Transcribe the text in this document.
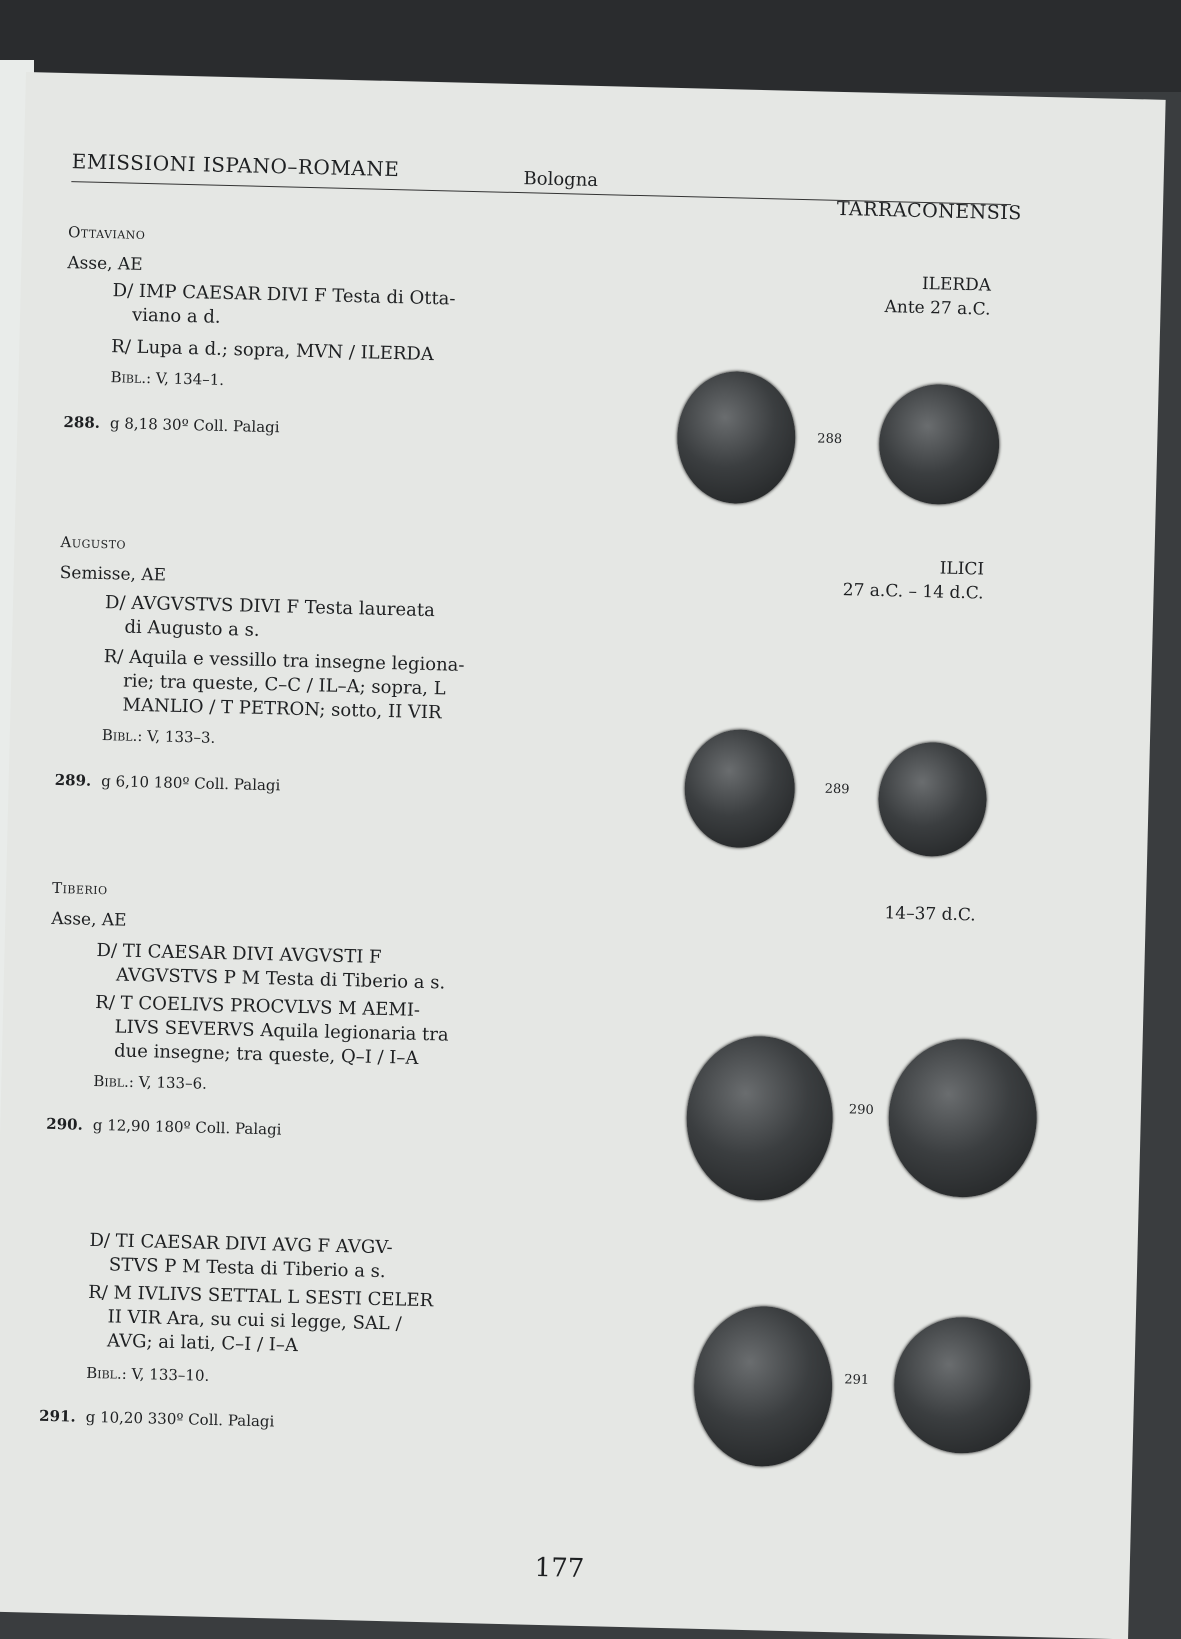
EMISSIONI ISPANO–ROMANE	Bologna
TARRACONENSIS
Ottaviano
Asse, AE
D/ IMP CAESAR DIVI F Testa di Otta-
viano a d.
R/ Lupa a d.; sopra, MVN / ILERDA
Bibl.: V, 134–1.
288. g 8,18 30º Coll. Palagi
ILERDA
Ante 27 a.C.
288
Augusto
Semisse, AE
D/ AVGVSTVS DIVI F Testa laureata
di Augusto a s.
R/ Aquila e vessillo tra insegne legiona-
rie; tra queste, C–C / IL–A; sopra, L
MANLIO / T PETRON; sotto, II VIR
Bibl.: V, 133–3.
289. g 6,10 180º Coll. Palagi
ILICI
27 a.C. – 14 d.C.
289
Tiberio
Asse, AE
D/ TI CAESAR DIVI AVGVSTI F
AVGVSTVS P M Testa di Tiberio a s.
R/ T COELIVS PROCVLVS M AEMI-
LIVS SEVERVS Aquila legionaria tra
due insegne; tra queste, Q–I / I–A
Bibl.: V, 133–6.
290. g 12,90 180º Coll. Palagi
14–37 d.C.
290
D/ TI CAESAR DIVI AVG F AVGV-
STVS P M Testa di Tiberio a s.
R/ M IVLIVS SETTAL L SESTI CELER
II VIR Ara, su cui si legge, SAL /
AVG; ai lati, C–I / I–A
Bibl.: V, 133–10.
291. g 10,20 330º Coll. Palagi
291
177
